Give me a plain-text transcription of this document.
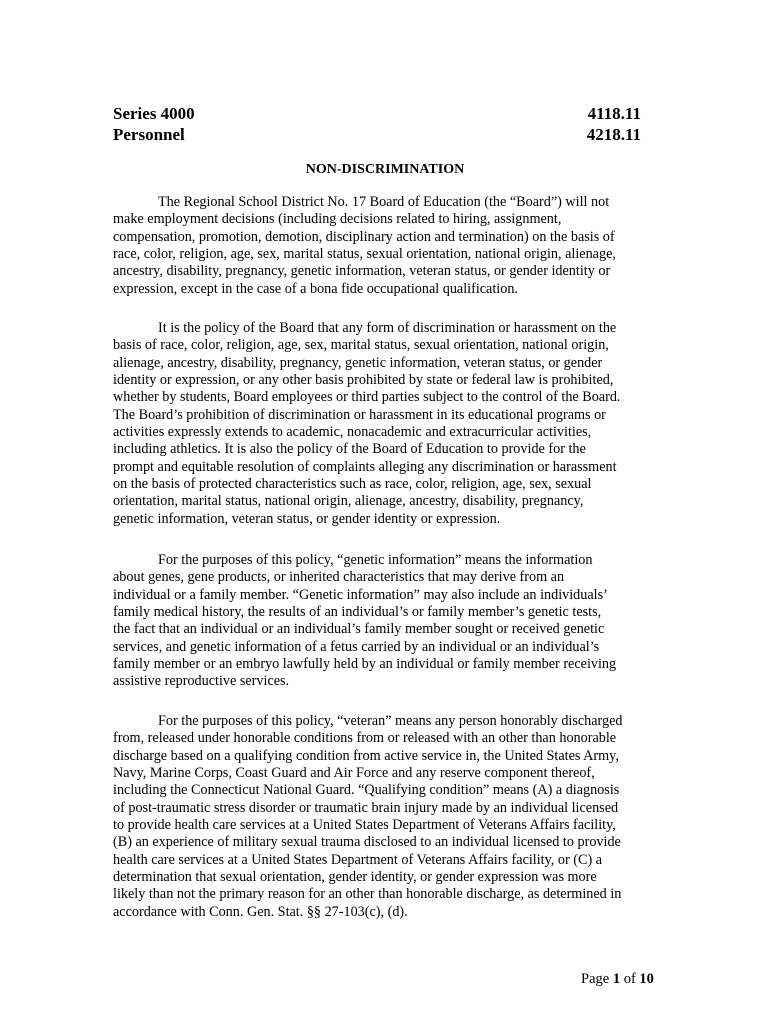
Series 4000	4118.11
Personnel	4218.11
NON-DISCRIMINATION
The Regional School District No. 17 Board of Education (the “Board”) will not
make employment decisions (including decisions related to hiring, assignment,
compensation, promotion, demotion, disciplinary action and termination) on the basis of
race, color, religion, age, sex, marital status, sexual orientation, national origin, alienage,
ancestry, disability, pregnancy, genetic information, veteran status, or gender identity or
expression, except in the case of a bona fide occupational qualification.
It is the policy of the Board that any form of discrimination or harassment on the
basis of race, color, religion, age, sex, marital status, sexual orientation, national origin,
alienage, ancestry, disability, pregnancy, genetic information, veteran status, or gender
identity or expression, or any other basis prohibited by state or federal law is prohibited,
whether by students, Board employees or third parties subject to the control of the Board.
The Board’s prohibition of discrimination or harassment in its educational programs or
activities expressly extends to academic, nonacademic and extracurricular activities,
including athletics. It is also the policy of the Board of Education to provide for the
prompt and equitable resolution of complaints alleging any discrimination or harassment
on the basis of protected characteristics such as race, color, religion, age, sex, sexual
orientation, marital status, national origin, alienage, ancestry, disability, pregnancy,
genetic information, veteran status, or gender identity or expression.
For the purposes of this policy, “genetic information” means the information
about genes, gene products, or inherited characteristics that may derive from an
individual or a family member. “Genetic information” may also include an individuals’
family medical history, the results of an individual’s or family member’s genetic tests,
the fact that an individual or an individual’s family member sought or received genetic
services, and genetic information of a fetus carried by an individual or an individual’s
family member or an embryo lawfully held by an individual or family member receiving
assistive reproductive services.
For the purposes of this policy, “veteran” means any person honorably discharged
from, released under honorable conditions from or released with an other than honorable
discharge based on a qualifying condition from active service in, the United States Army,
Navy, Marine Corps, Coast Guard and Air Force and any reserve component thereof,
including the Connecticut National Guard. “Qualifying condition” means (A) a diagnosis
of post-traumatic stress disorder or traumatic brain injury made by an individual licensed
to provide health care services at a United States Department of Veterans Affairs facility,
(B) an experience of military sexual trauma disclosed to an individual licensed to provide
health care services at a United States Department of Veterans Affairs facility, or (C) a
determination that sexual orientation, gender identity, or gender expression was more
likely than not the primary reason for an other than honorable discharge, as determined in
accordance with Conn. Gen. Stat. §§ 27-103(c), (d).
Page 1 of 10
